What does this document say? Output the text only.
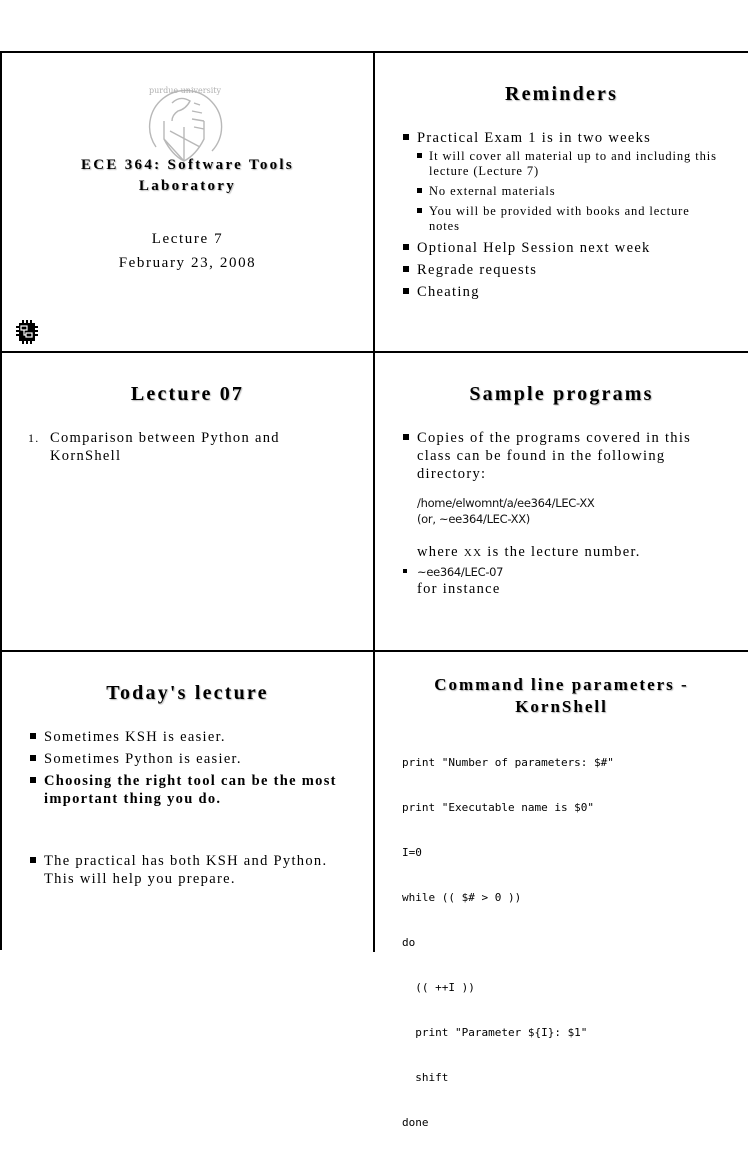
purdue university
ECE 364: Software Tools
Laboratory
Lecture 7
February 23, 2008
Reminders
Practical Exam 1 is in two weeks
It will cover all material up to and including this lecture (Lecture 7)
No external materials
You will be provided with books and lecture notes
Optional Help Session next week
Regrade requests
Cheating
Lecture 07
1. Comparison between Python and KornShell
Sample programs
Copies of the programs covered in this class can be found in the following directory:
/home/elwomnt/a/ee364/LEC-XX
(or, ~ee364/LEC-XX)
where XX is the lecture number.
~ee364/LEC-07
for instance
Today's lecture
Sometimes KSH is easier.
Sometimes Python is easier.
Choosing the right tool can be the most important thing you do.
The practical has both KSH and Python. This will help you prepare.
Command line parameters -
KornShell

print "Number of parameters: $#"

print "Executable name is $0"

I=0

while (( $# > 0 ))

do

(( ++I ))

print "Parameter ${I}: $1"

shift

done
